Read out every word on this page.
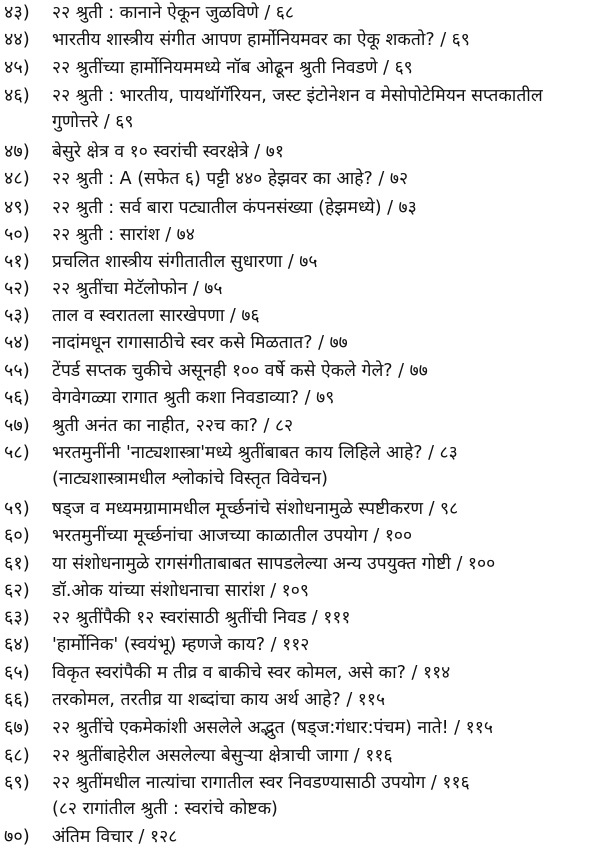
४३)	२२ श्रुती : कानाने ऐकून जुळविणे / ६८
४४)	भारतीय शास्त्रीय संगीत आपण हार्मोनियमवर का ऐकू शकतो? / ६९
४५)	२२ श्रुतींच्या हार्मोनियममध्ये नॉब ओढून श्रुती निवडणे / ६९
४६)	२२ श्रुती : भारतीय, पायथॉगॅरियन, जस्ट इंटोनेशन व मेसोपोटेमियन सप्तकातील
गुणोत्तरे / ६९
४७)	बेसुरे क्षेत्र व १० स्वरांची स्वरक्षेत्रे / ७१
४८)	२२ श्रुती : A (सफेत ६) पट्टी ४४० हेझवर का आहे? / ७२
४९)	२२ श्रुती : सर्व बारा पट्यातील कंपनसंख्या (हेझमध्ये) / ७३
५०)	२२ श्रुती : सारांश / ७४
५१)	प्रचलित शास्त्रीय संगीतातील सुधारणा / ७५
५२)	२२ श्रुतींचा मेटॅलोफोन / ७५
५३)	ताल व स्वरातला सारखेपणा / ७६
५४)	नादांमधून रागासाठीचे स्वर कसे मिळतात? / ७७
५५)	टेंपर्ड सप्तक चुकीचे असूनही १०० वर्षे कसे ऐकले गेले? / ७७
५६)	वेगवेगळ्या रागात श्रुती कशा निवडाव्या? / ७९
५७)	श्रुती अनंत का नाहीत, २२च का? / ८२
५८)	भरतमुनींनी 'नाट्यशास्त्रा'मध्ये श्रुतींबाबत काय लिहिले आहे? / ८३
(नाट्यशास्त्रामधील श्लोकांचे विस्तृत विवेचन)
५९)	षड्ज व मध्यमग्रामामधील मूर्च्छनांचे संशोधनामुळे स्पष्टीकरण / ९८
६०)	भरतमुनींच्या मूर्च्छनांचा आजच्या काळातील उपयोग / १००
६१)	या संशोधनामुळे रागसंगीताबाबत सापडलेल्या अन्य उपयुक्त गोष्टी / १००
६२)	डॉ.ओक यांच्या संशोधनाचा सारांश / १०९
६३)	२२ श्रुतींपैकी १२ स्वरांसाठी श्रुतींची निवड / १११
६४)	'हार्मोनिक' (स्वयंभू) म्हणजे काय? / ११२
६५)	विकृत स्वरांपैकी म तीव्र व बाकीचे स्वर कोमल, असे का? / ११४
६६)	तरकोमल, तरतीव्र या शब्दांचा काय अर्थ आहे? / ११५
६७)	२२ श्रुतींचे एकमेकांशी असलेले अद्भुत (षड्ज:गंधार:पंचम) नाते! / ११५
६८)	२२ श्रुतींबाहेरील असलेल्या बेसुऱ्या क्षेत्राची जागा / ११६
६९)	२२ श्रुतींमधील नात्यांचा रागातील स्वर निवडण्यासाठी उपयोग / ११६
(८२ रागांतील श्रुती : स्वरांचे कोष्टक)
७०)	अंतिम विचार / १२८
